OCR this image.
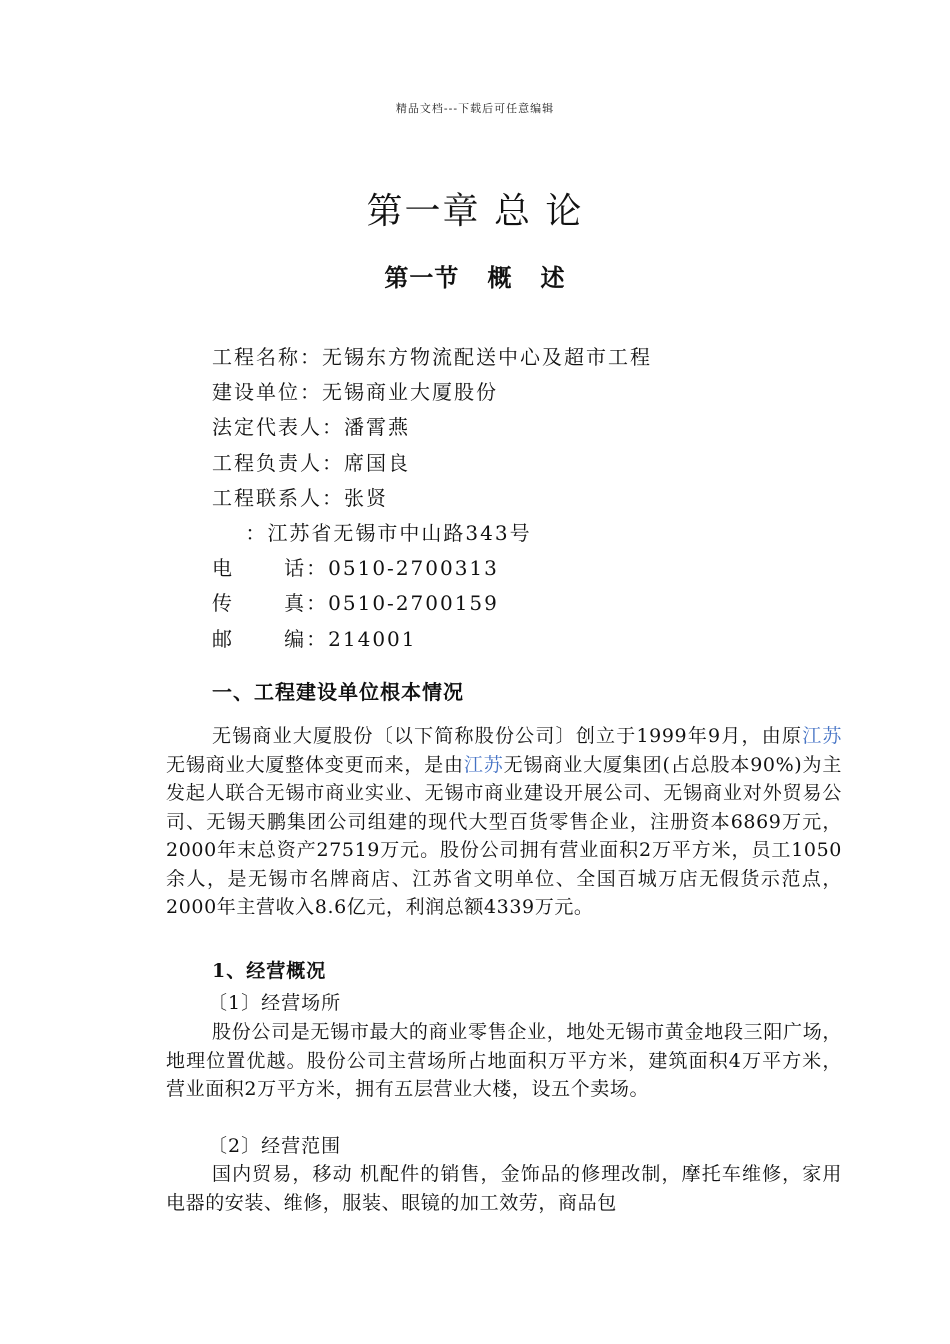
精品文档---下载后可任意编辑
第一章 总 论
第一节   概   述
工程名称：无锡东方物流配送中心及超市工程
建设单位：无锡商业大厦股份
法定代表人：潘霄燕
工程负责人：席国良
工程联系人：张贤
：江苏省无锡市中山路343号
电      话：0510-2700313
传      真：0510-2700159
邮      编：214001
一、工程建设单位根本情况
无锡商业大厦股份〔以下简称股份公司〕创立于1999年9月，由原江苏无锡商业大厦整体变更而来，是由江苏无锡商业大厦集团(占总股本90%)为主发起人联合无锡市商业实业、无锡市商业建设开展公司、无锡商业对外贸易公司、无锡天鹏集团公司组建的现代大型百货零售企业，注册资本6869万元，2000年末总资产27519万元。股份公司拥有营业面积2万平方米，员工1050余人，是无锡市名牌商店、江苏省文明单位、全国百城万店无假货示范点，2000年主营收入8.6亿元，利润总额4339万元。
1、经营概况
〔1〕经营场所
股份公司是无锡市最大的商业零售企业，地处无锡市黄金地段三阳广场，地理位置优越。股份公司主营场所占地面积万平方米，建筑面积4万平方米，营业面积2万平方米，拥有五层营业大楼，设五个卖场。
〔2〕经营范围
国内贸易，移动 机配件的销售，金饰品的修理改制，摩托车维修，家用电器的安装、维修，服装、眼镜的加工效劳，商品包
